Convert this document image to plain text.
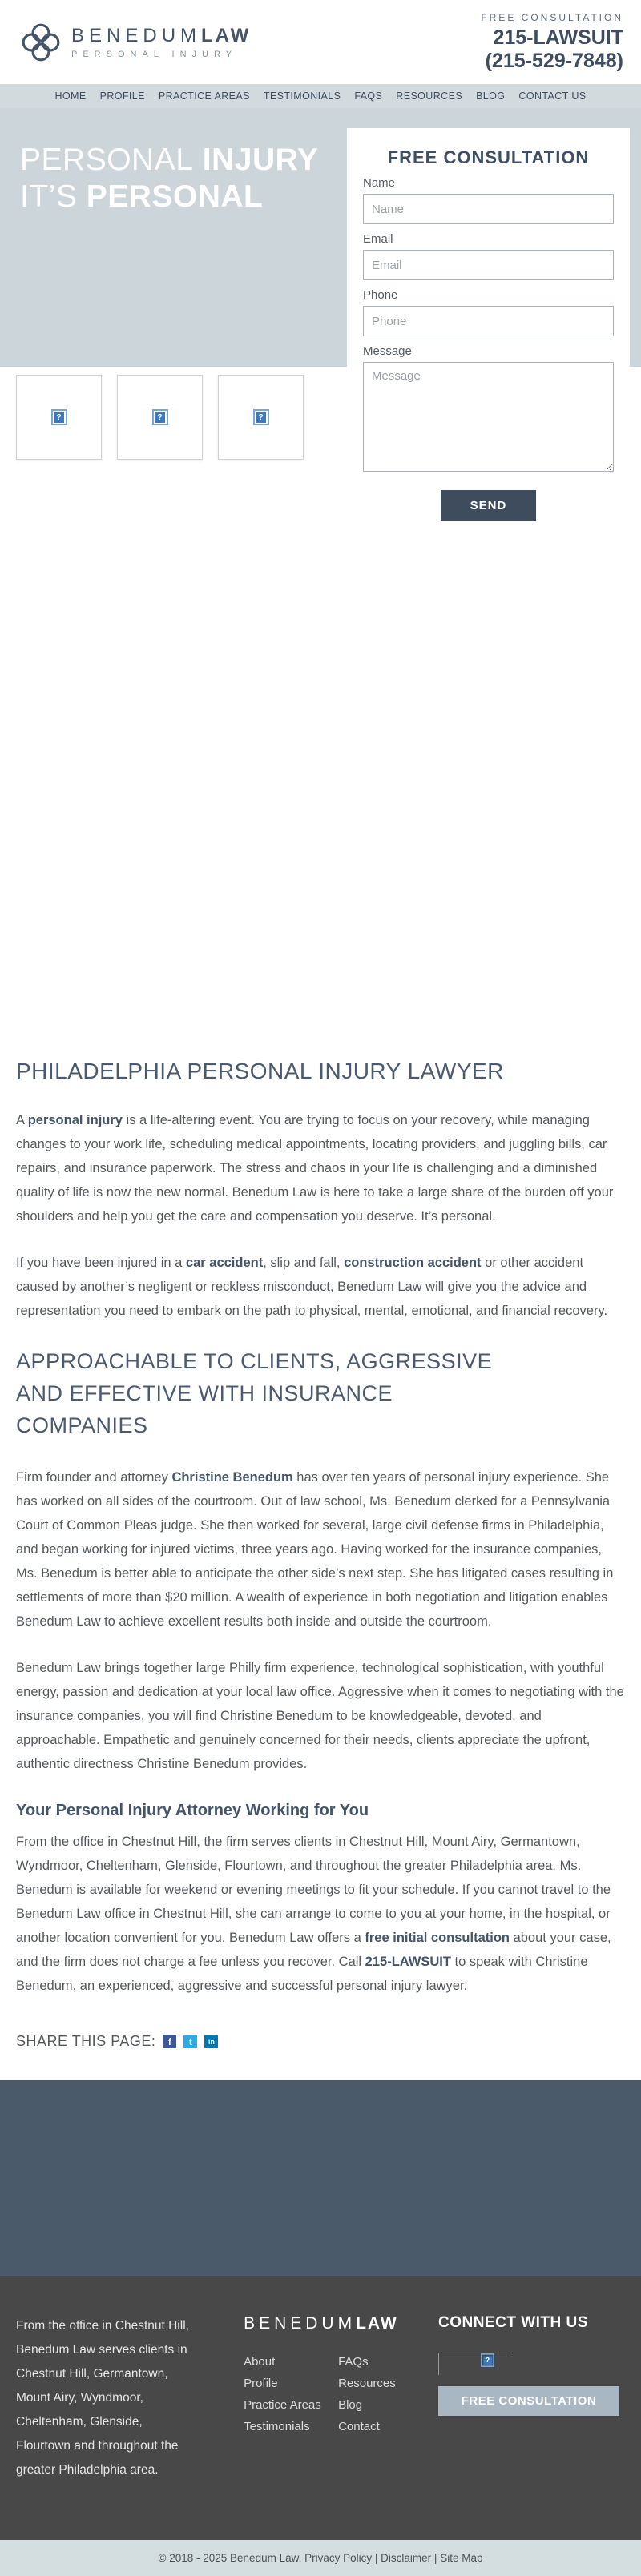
BENEDUMLAW
PERSONAL INJURY
FREE CONSULTATION
215-LAWSUIT
(215-529-7848)
HOME PROFILE PRACTICE AREAS TESTIMONIALS FAQS RESOURCES BLOG CONTACT US
PERSONAL INJURY
IT’S PERSONAL
FREE CONSULTATION
Name
Name
Email
Email
Phone
Phone
Message
Message
SEND
?	?	?
PHILADELPHIA PERSONAL INJURY LAWYER

A personal injury is a life-altering event. You are trying to focus on your recovery, while managing changes to your work life, scheduling medical appointments, locating providers, and juggling bills, car repairs, and insurance paperwork. The stress and chaos in your life is challenging and a diminished quality of life is now the new normal. Benedum Law is here to take a large share of the burden off your shoulders and help you get the care and compensation you deserve. It’s personal.

If you have been injured in a car accident, slip and fall, construction accident or other accident caused by another’s negligent or reckless misconduct, Benedum Law will give you the advice and representation you need to embark on the path to physical, mental, emotional, and financial recovery.

APPROACHABLE TO CLIENTS, AGGRESSIVE AND EFFECTIVE WITH INSURANCE COMPANIES

Firm founder and attorney Christine Benedum has over ten years of personal injury experience. She has worked on all sides of the courtroom. Out of law school, Ms. Benedum clerked for a Pennsylvania Court of Common Pleas judge. She then worked for several, large civil defense firms in Philadelphia, and began working for injured victims, three years ago. Having worked for the insurance companies, Ms. Benedum is better able to anticipate the other side’s next step. She has litigated cases resulting in settlements of more than $20 million. A wealth of experience in both negotiation and litigation enables Benedum Law to achieve excellent results both inside and outside the courtroom.

Benedum Law brings together large Philly firm experience, technological sophistication, with youthful energy, passion and dedication at your local law office. Aggressive when it comes to negotiating with the insurance companies, you will find Christine Benedum to be knowledgeable, devoted, and approachable. Empathetic and genuinely concerned for their needs, clients appreciate the upfront, authentic directness Christine Benedum provides.

Your Personal Injury Attorney Working for You

From the office in Chestnut Hill, the firm serves clients in Chestnut Hill, Mount Airy, Germantown, Wyndmoor, Cheltenham, Glenside, Flourtown, and throughout the greater Philadelphia area. Ms. Benedum is available for weekend or evening meetings to fit your schedule. If you cannot travel to the Benedum Law office in Chestnut Hill, she can arrange to come to you at your home, in the hospital, or another location convenient for you. Benedum Law offers a free initial consultation about your case, and the firm does not charge a fee unless you recover. Call 215-LAWSUIT to speak with Christine Benedum, an experienced, aggressive and successful personal injury lawyer.

SHARE THIS PAGE:	f	t	in

From the office in Chestnut Hill, Benedum Law serves clients in Chestnut Hill, Germantown, Mount Airy, Wyndmoor, Cheltenham, Glenside, Flourtown and throughout the greater Philadelphia area.

BENEDUMLAW
About
Profile
Practice Areas
Testimonials
FAQs
Resources
Blog
Contact
CONNECT WITH US
?
FREE CONSULTATION
© 2018 - 2025 Benedum Law. Privacy Policy | Disclaimer | Site Map
